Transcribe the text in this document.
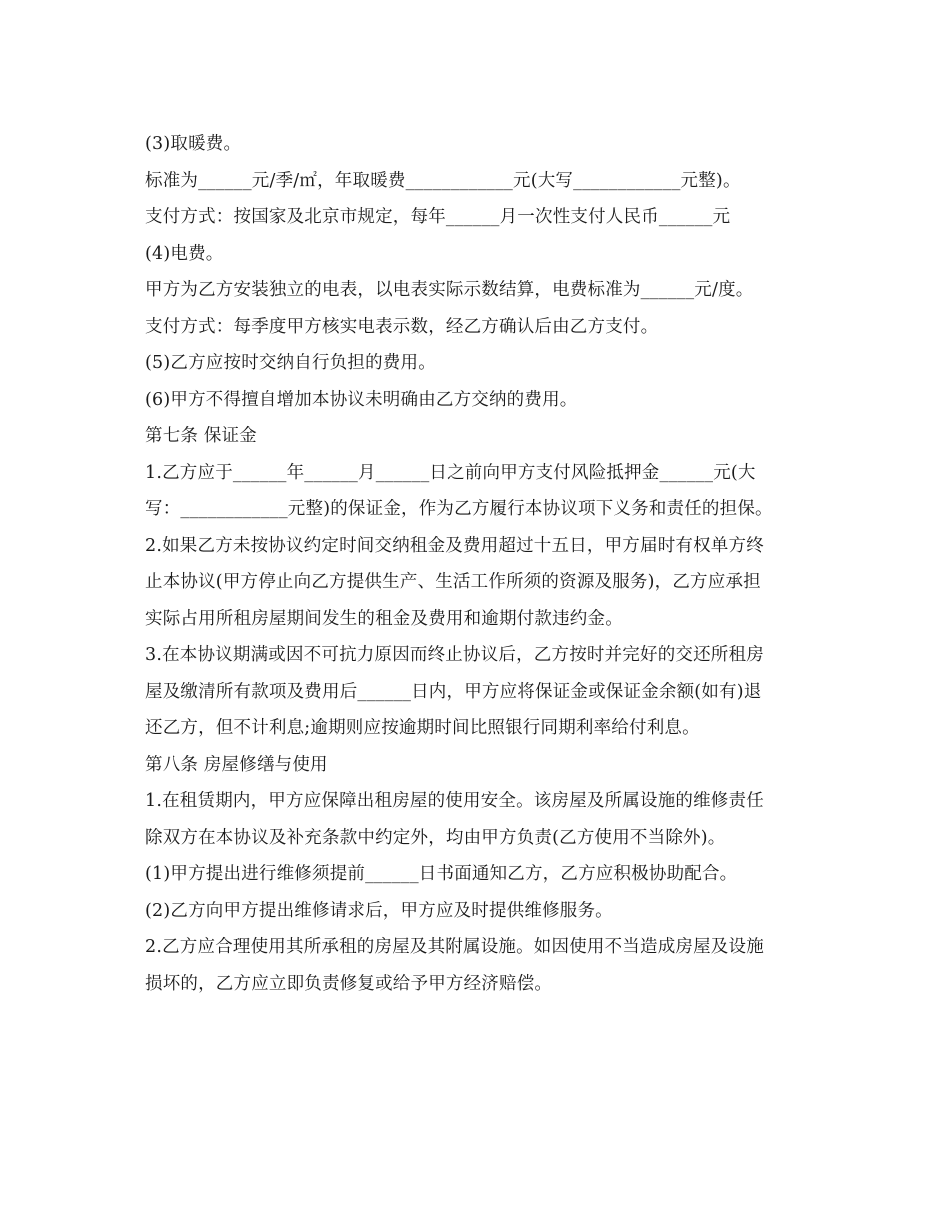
(3)取暖费。
标准为______元/季/㎡，年取暖费____________元(大写____________元整)。
支付方式：按国家及北京市规定，每年______月一次性支付人民币______元
(4)电费。
甲方为乙方安装独立的电表，以电表实际示数结算，电费标准为______元/度。
支付方式：每季度甲方核实电表示数，经乙方确认后由乙方支付。
(5)乙方应按时交纳自行负担的费用。
(6)甲方不得擅自增加本协议未明确由乙方交纳的费用。
第七条 保证金
1.乙方应于______年______月______日之前向甲方支付风险抵押金______元(大
写：____________元整)的保证金，作为乙方履行本协议项下义务和责任的担保。
2.如果乙方未按协议约定时间交纳租金及费用超过十五日，甲方届时有权单方终
止本协议(甲方停止向乙方提供生产、生活工作所须的资源及服务)，乙方应承担
实际占用所租房屋期间发生的租金及费用和逾期付款违约金。
3.在本协议期满或因不可抗力原因而终止协议后，乙方按时并完好的交还所租房
屋及缴清所有款项及费用后______日内，甲方应将保证金或保证金余额(如有)退
还乙方，但不计利息;逾期则应按逾期时间比照银行同期利率给付利息。
第八条 房屋修缮与使用
1.在租赁期内，甲方应保障出租房屋的使用安全。该房屋及所属设施的维修责任
除双方在本协议及补充条款中约定外，均由甲方负责(乙方使用不当除外)。
(1)甲方提出进行维修须提前______日书面通知乙方，乙方应积极协助配合。
(2)乙方向甲方提出维修请求后，甲方应及时提供维修服务。
2.乙方应合理使用其所承租的房屋及其附属设施。如因使用不当造成房屋及设施
损坏的，乙方应立即负责修复或给予甲方经济赔偿。
